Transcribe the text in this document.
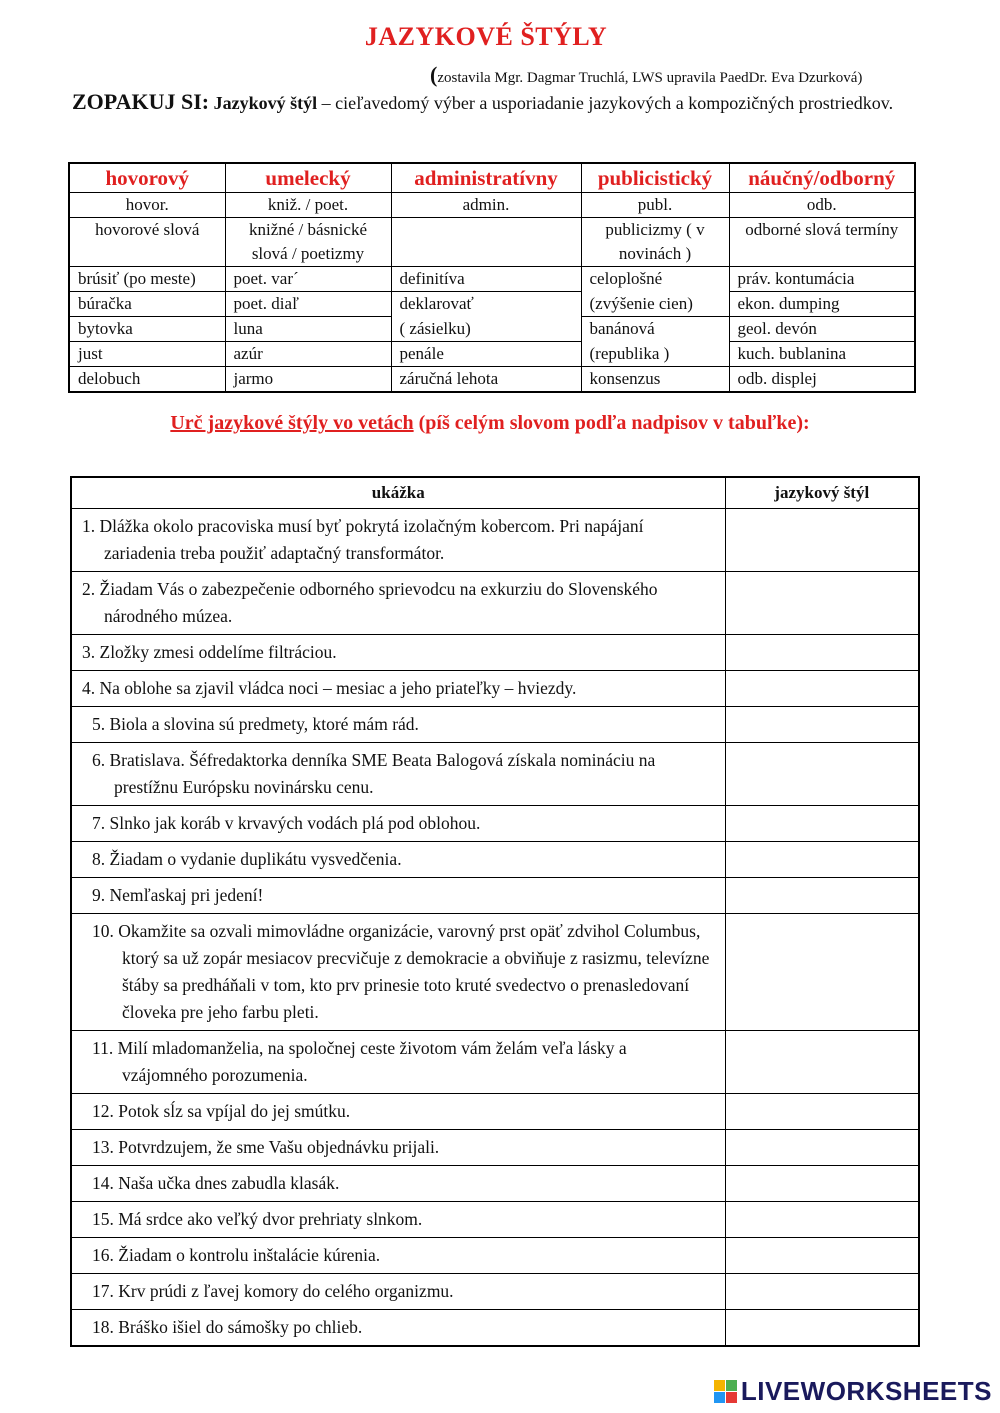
JAZYKOVÉ ŠTÝLY
(zostavila Mgr. Dagmar Truchlá, LWS upravila PaedDr. Eva Dzurková)
ZOPAKUJ SI: Jazykový štýl – cieľavedomý výber a usporiadanie jazykových a kompozičných prostriedkov.
hovorový	umelecký	administratívny	publicistický	náučný/odborný
hovor.	kniž. / poet.	admin.	publ.	odb.
hovorové slová	knižné / básnické slová / poetizmy		publicizmy ( v novinách )	odborné slová termíny
brúsiť (po meste)	poet. var´	definitíva	celoplošné	práv. kontumácia
búračka	poet. diaľ	deklarovať	(zvýšenie cien)	ekon. dumping
bytovka	luna	( zásielku)	banánová	geol. devón
just	azúr	penále	(republika )	kuch. bublanina
delobuch	jarmo	záručná lehota	konsenzus	odb. displej
Urč jazykové štýly vo vetách (píš celým slovom podľa nadpisov v tabuľke):
ukážka	jazykový štýl

1. Dlážka okolo pracoviska musí byť pokrytá izolačným kobercom. Pri napájaní zariadenia treba použiť adaptačný transformátor.	

2. Žiadam Vás o zabezpečenie odborného sprievodcu na exkurziu do Slovenského národného múzea.	

3. Zložky zmesi oddelíme filtráciou.	

4. Na oblohe sa zjavil vládca noci – mesiac a jeho priateľky – hviezdy.	

5. Biola a slovina sú predmety, ktoré mám rád.	

6. Bratislava. Šéfredaktorka denníka SME Beata Balogová získala nomináciu na prestížnu Európsku novinársku cenu.	

7. Slnko jak koráb v krvavých vodách plá pod oblohou.	

8. Žiadam o vydanie duplikátu vysvedčenia.	

9. Nemľaskaj pri jedení!	

10. Okamžite sa ozvali mimovládne organizácie, varovný prst opäť zdvihol Columbus, ktorý sa už zopár mesiacov precvičuje z demokracie a obviňuje z rasizmu, televízne štáby sa predháňali v tom, kto prv prinesie toto kruté svedectvo o prenasledovaní človeka pre jeho farbu pleti.	

11. Milí mladomanželia, na spoločnej ceste životom vám želám veľa lásky a vzájomného porozumenia.	

12. Potok sĺz sa vpíjal do jej smútku.	

13. Potvrdzujem, že sme Vašu objednávku prijali.	

14. Naša učka dnes zabudla klasák.	

15. Má srdce ako veľký dvor prehriaty slnkom.	

16. Žiadam o kontrolu inštalácie kúrenia.	

17. Krv prúdi z ľavej komory do celého organizmu.	

18. Bráško išiel do sámošky po chlieb.	

LIVEWORKSHEETS
